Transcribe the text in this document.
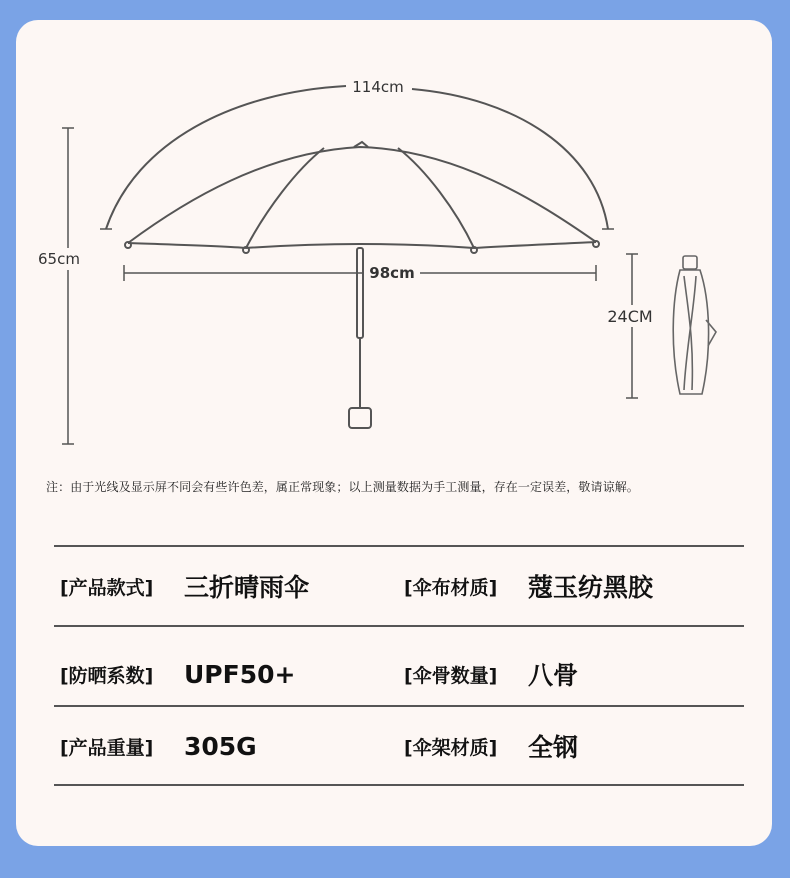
114cm
65cm
98cm
24CM
注：由于光线及显示屏不同会有些许色差，属正常现象；以上测量数据为手工测量，存在一定误差，敬请谅解。
[产品款式] 三折晴雨伞	[伞布材质] 蔻玉纺黑胶
[防晒系数] UPF50+	[伞骨数量] 八骨
[产品重量] 305G	[伞架材质] 全钢
